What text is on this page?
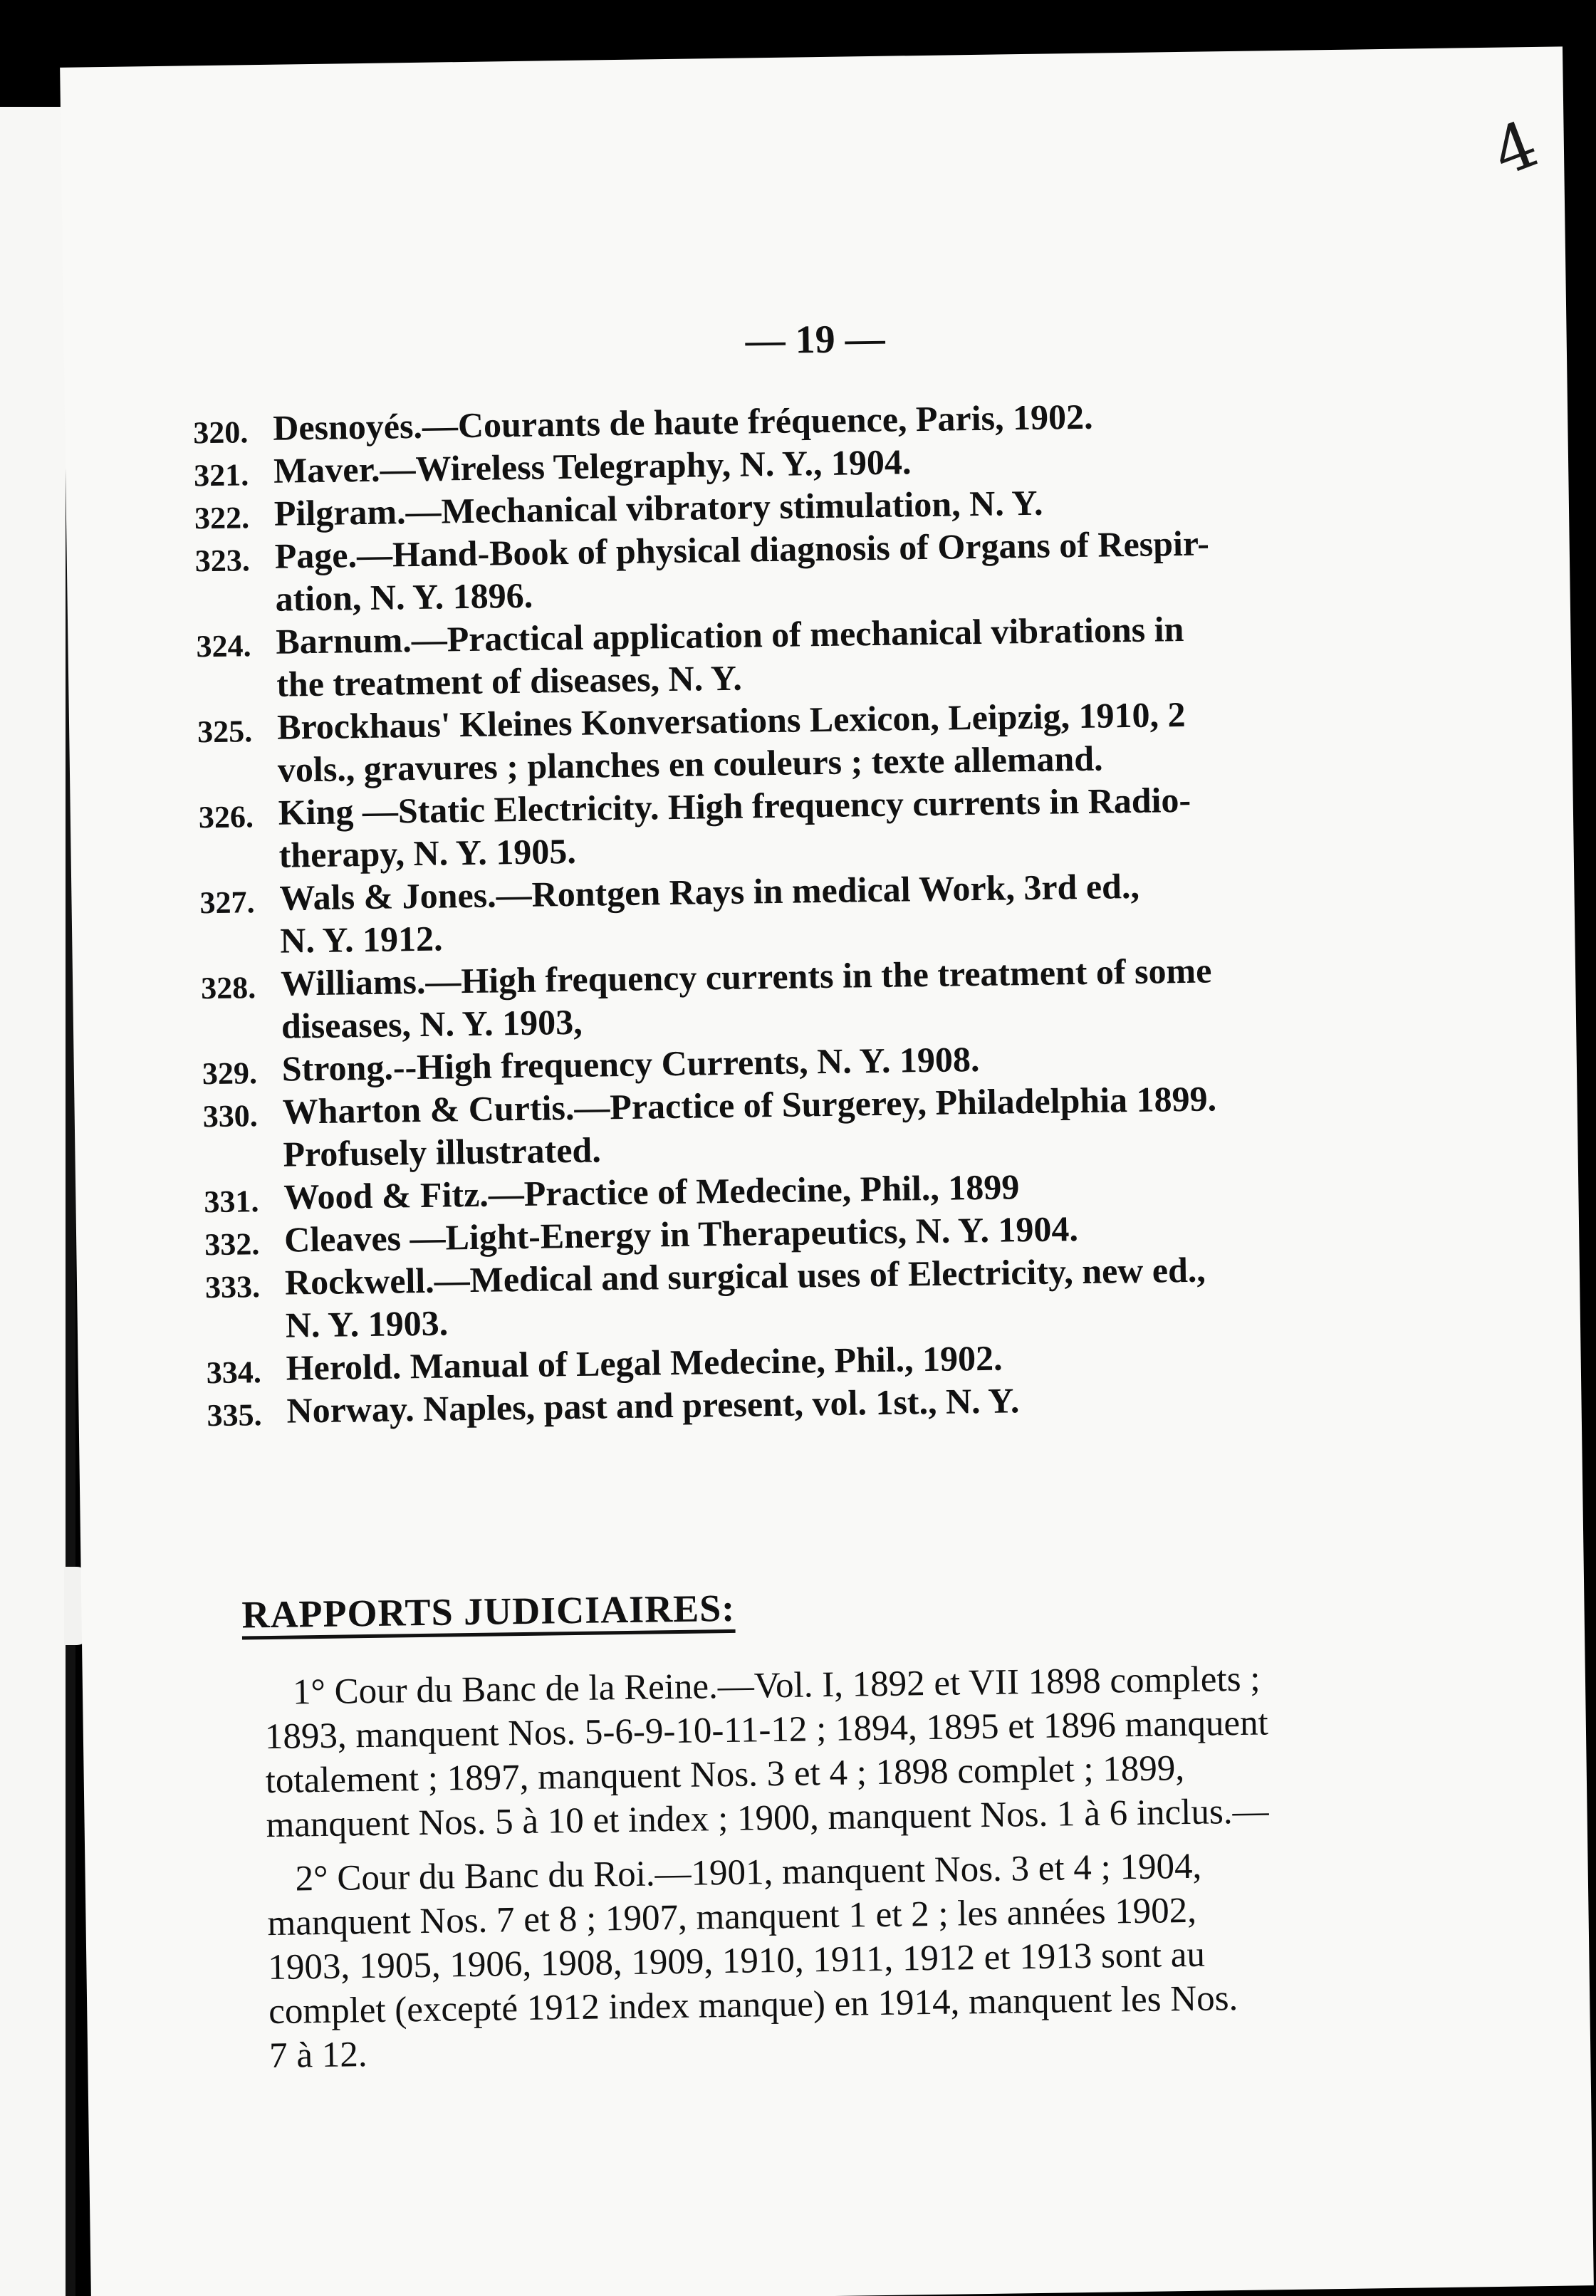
4
— 19 —
320. Desnoyés.—Courants de haute fréquence, Paris, 1902.
321. Maver.—Wireless Telegraphy, N. Y., 1904.
322. Pilgram.—Mechanical vibratory stimulation, N. Y.
323. Page.—Hand-Book of physical diagnosis of Organs of Respir-
ation, N. Y. 1896.
324. Barnum.—Practical application of mechanical vibrations in
the treatment of diseases, N. Y.
325. Brockhaus' Kleines Konversations Lexicon, Leipzig, 1910, 2
vols., gravures ; planches en couleurs ; texte allemand.
326. King —Static Electricity. High frequency currents in Radio-
therapy, N. Y. 1905.
327. Wals & Jones.—Rontgen Rays in medical Work, 3rd ed.,
N. Y. 1912.
328. Williams.—High frequency currents in the treatment of some
diseases, N. Y. 1903,
329. Strong.--High frequency Currents, N. Y. 1908.
330. Wharton & Curtis.—Practice of Surgerey, Philadelphia 1899.
Profusely illustrated.
331. Wood & Fitz.—Practice of Medecine, Phil., 1899
332. Cleaves —Light-Energy in Therapeutics, N. Y. 1904.
333. Rockwell.—Medical and surgical uses of Electricity, new ed.,
N. Y. 1903.
334. Herold. Manual of Legal Medecine, Phil., 1902.
335. Norway. Naples, past and present, vol. 1st., N. Y.
RAPPORTS JUDICIAIRES:
1° Cour du Banc de la Reine.—Vol. I, 1892 et VII 1898 complets ;
1893, manquent Nos. 5-6-9-10-11-12 ; 1894, 1895 et 1896 manquent
totalement ; 1897, manquent Nos. 3 et 4 ; 1898 complet ; 1899,
manquent Nos. 5 à 10 et index ; 1900, manquent Nos. 1 à 6 inclus.—
2° Cour du Banc du Roi.—1901, manquent Nos. 3 et 4 ; 1904,
manquent Nos. 7 et 8 ; 1907, manquent 1 et 2 ; les années 1902,
1903, 1905, 1906, 1908, 1909, 1910, 1911, 1912 et 1913 sont au
complet (excepté 1912 index manque) en 1914, manquent les Nos.
7 à 12.
